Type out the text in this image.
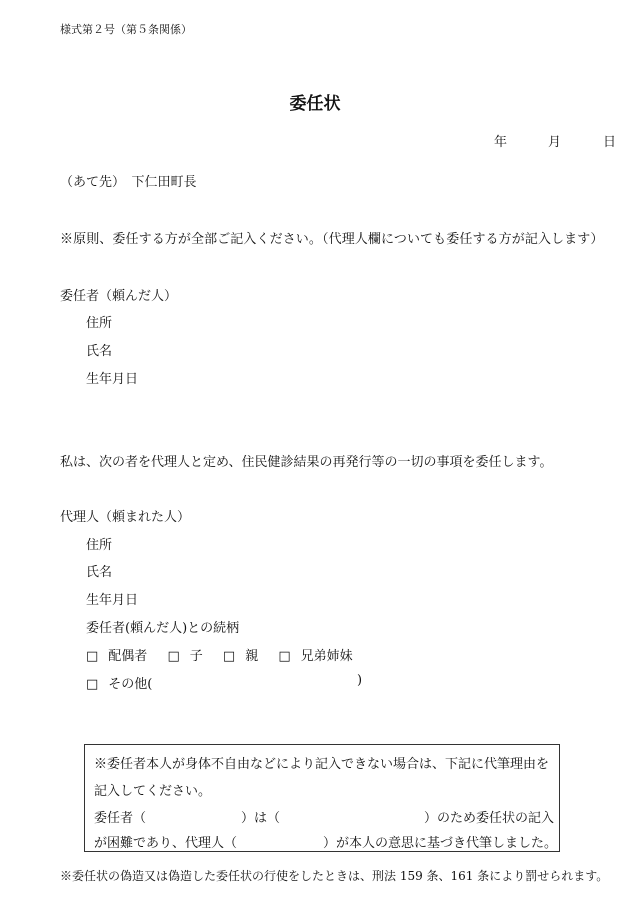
様式第２号（第５条関係）
委任状
年	月	日
（あて先）　下仁田町長
※原則、委任する方が全部ご記入ください。（代理人欄についても委任する方が記入します）
委任者（頼んだ人）
住所
氏名
生年月日
私は、次の者を代理人と定め、住民健診結果の再発行等の一切の事項を委任します。
代理人（頼まれた人）
住所
氏名
生年月日
委任者(頼んだ人)との続柄
□ 配偶者 □ 子 □ 親 □ 兄弟姉妹
□ その他(	)
※委任者本人が身体不自由などにより記入できない場合は、下記に代筆理由を
記入してください。
委任者（	）は（	）のため委任状の記入
が困難であり、代理人（	）が本人の意思に基づき代筆しました。
※委任状の偽造又は偽造した委任状の行使をしたときは、刑法 159 条、161 条により罰せられます。
